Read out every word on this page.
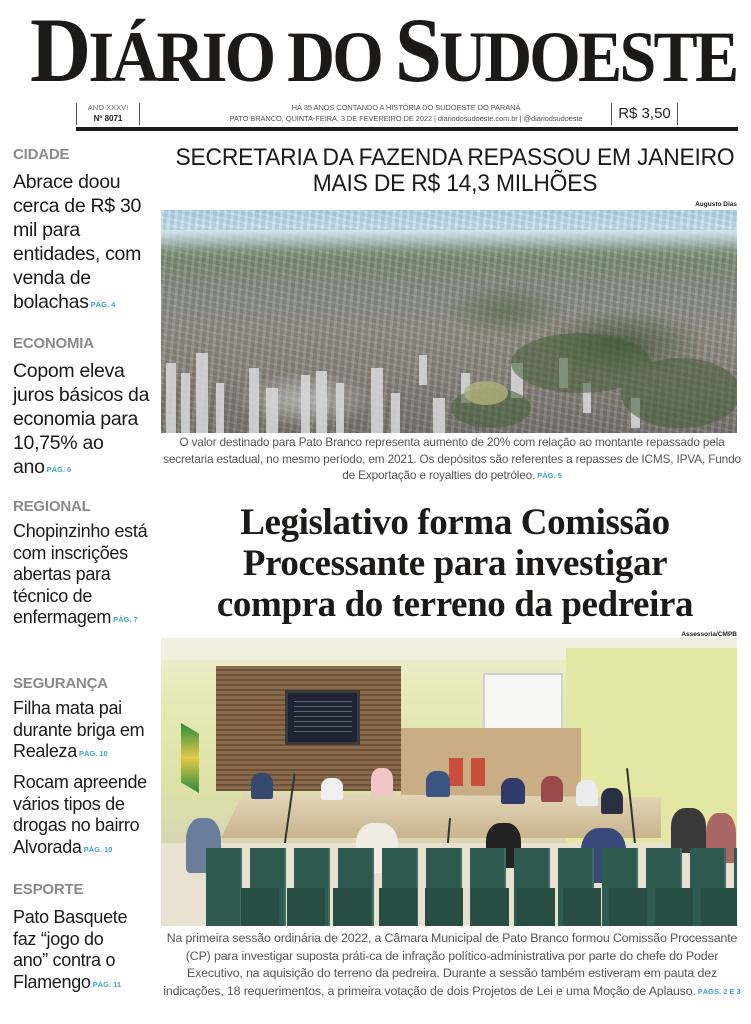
DIÁRIO DO SUDOESTE
ANO XXXVI
Nº 8071
HÁ 35 ANOS CONTANDO A HISTÓRIA DO SUDOESTE DO PARANÁ
PATO BRANCO, QUINTA-FEIRA, 3 DE FEVEREIRO DE 2022 | diariodosudoeste.com.br | @diariodsudoeste	R$ 3,50
CIDADE
Abrace doou cerca de R$ 30 mil para entidades, com venda de bolachas PÁG. 4
ECONOMIA
Copom eleva juros básicos da economia para 10,75% ao ano PÁG. 6
REGIONAL
Chopinzinho está com inscrições abertas para técnico de enfermagem PÁG. 7
SEGURANÇA
Filha mata pai durante briga em Realeza PÁG. 10
Rocam apreende vários tipos de drogas no bairro Alvorada PÁG. 10
ESPORTE
Pato Basquete faz “jogo do ano” contra o Flamengo PÁG. 11
SECRETARIA DA FAZENDA REPASSOU EM JANEIRO
MAIS DE R$ 14,3 MILHÕES
Augusto Dias
O valor destinado para Pato Branco representa aumento de 20% com relação ao montante repassado pela secretaria estadual, no mesmo período, em 2021. Os depósitos são referentes a repasses de ICMS, IPVA, Fundo de Exportação e royalties do petróleo. PÁG. 5
Legislativo forma Comissão
Processante para investigar
compra do terreno da pedreira
Assessoria/CMPB
Na primeira sessão ordinária de 2022, a Câmara Municipal de Pato Branco formou Comissão Processante (CP) para investigar suposta práti-ca de infração político-administrativa por parte do chefe do Poder Executivo, na aquisição do terreno da pedreira. Durante a sessão também estiveram em pauta dez indicações, 18 requerimentos, a primeira votação de dois Projetos de Lei e uma Moção de Aplauso. PÁGS. 2 E 3
